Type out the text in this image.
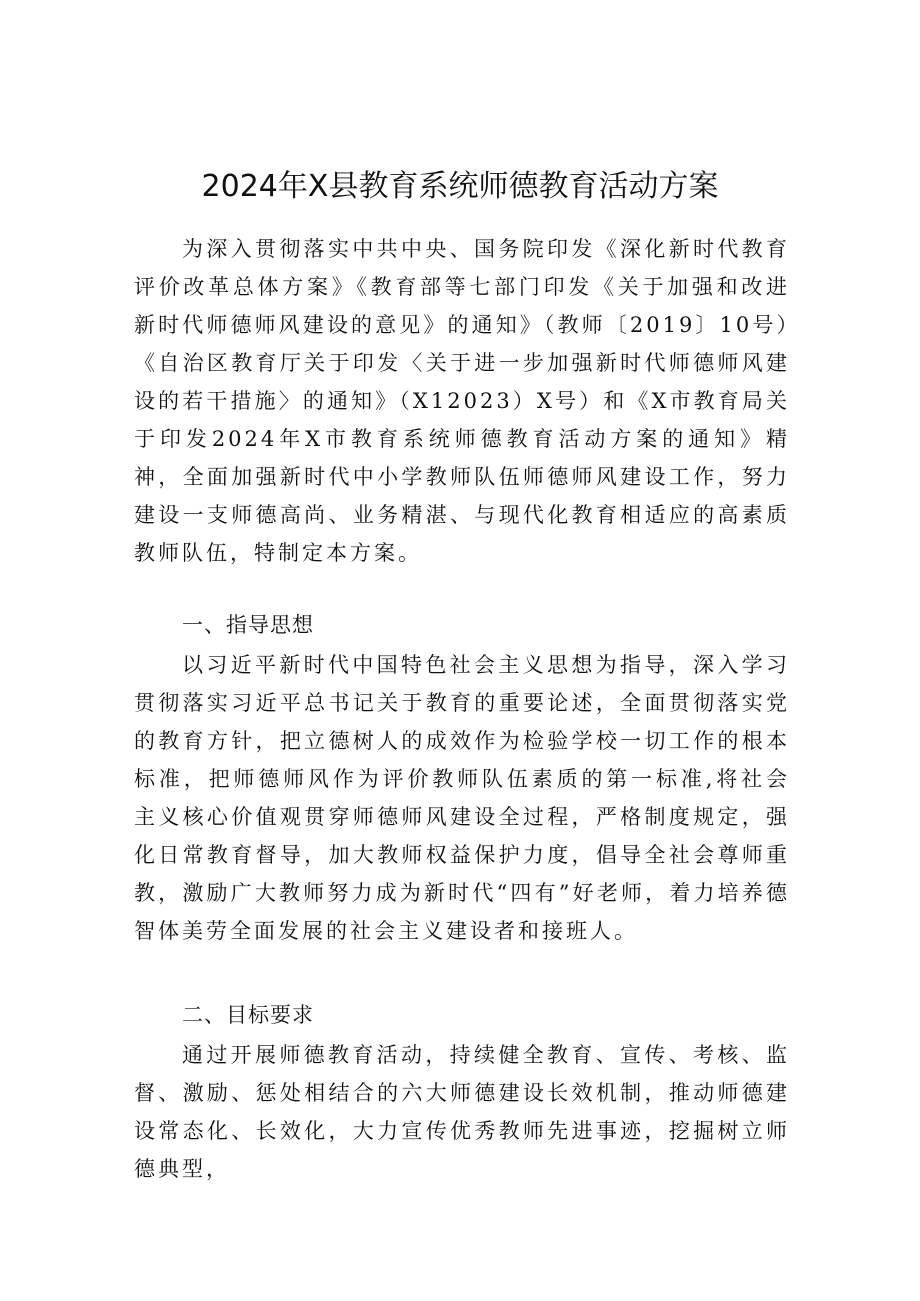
2024年X县教育系统师德教育活动方案

为深入贯彻落实中共中央、国务院印发《深化新时代教育评价改革总体方案》《教育部等七部门印发《关于加强和改进新时代师德师风建设的意见》的通知》（教师〔2019〕10号）《自治区教育厅关于印发〈关于进一步加强新时代师德师风建设的若干措施〉的通知》（X12023）X号）和《X市教育局关于印发2024年X市教育系统师德教育活动方案的通知》精神，全面加强新时代中小学教师队伍师德师风建设工作，努力建设一支师德高尚、业务精湛、与现代化教育相适应的高素质教师队伍，特制定本方案。

一、指导思想

以习近平新时代中国特色社会主义思想为指导，深入学习贯彻落实习近平总书记关于教育的重要论述，全面贯彻落实党的教育方针，把立德树人的成效作为检验学校一切工作的根本标准，把师德师风作为评价教师队伍素质的第一标准,将社会主义核心价值观贯穿师德师风建设全过程，严格制度规定，强化日常教育督导，加大教师权益保护力度，倡导全社会尊师重教，激励广大教师努力成为新时代“四有”好老师，着力培养德智体美劳全面发展的社会主义建设者和接班人。

二、目标要求

通过开展师德教育活动，持续健全教育、宣传、考核、监督、激励、惩处相结合的六大师德建设长效机制，推动师德建设常态化、长效化，大力宣传优秀教师先进事迹，挖掘树立师德典型，
